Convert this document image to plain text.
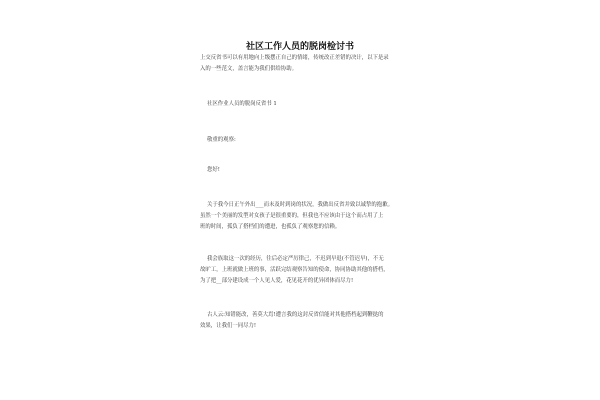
社区工作人员的脱岗检讨书
上交反省书可以有用地向上级摆正自己的情绪，传统改正差错的决计，以下是录
入的一些范文，盖言能为我们供给协助。
社区作业人员的脱岗反省书 1
敬重的观察:
您好!
关于我今日正午外出___而未及时到岗的状况，我做出反省并致以诚挚的抱歉。
虽然一个美丽的发型对女孩子是很重要的，但我也不应该由于这个而占用了上
班的时间，孤负了搭档们的遭进，也孤负了观察您的信赖。
我会族取这一次的经历，往后必定严厉律己，不迟到早退(不管迟早)，不无
故旷工，上班就做上班的事，活跃完结观察告知的使命，协同协助其他的搭档，
为了把__部分建设成一个人见人爱，花见花开的优异团体而尽力!
古人云:知错能改，善莫大焉!遭言我的这封反省信能对其他搭档起到鞭挞的
效果，让我们一同尽力!
